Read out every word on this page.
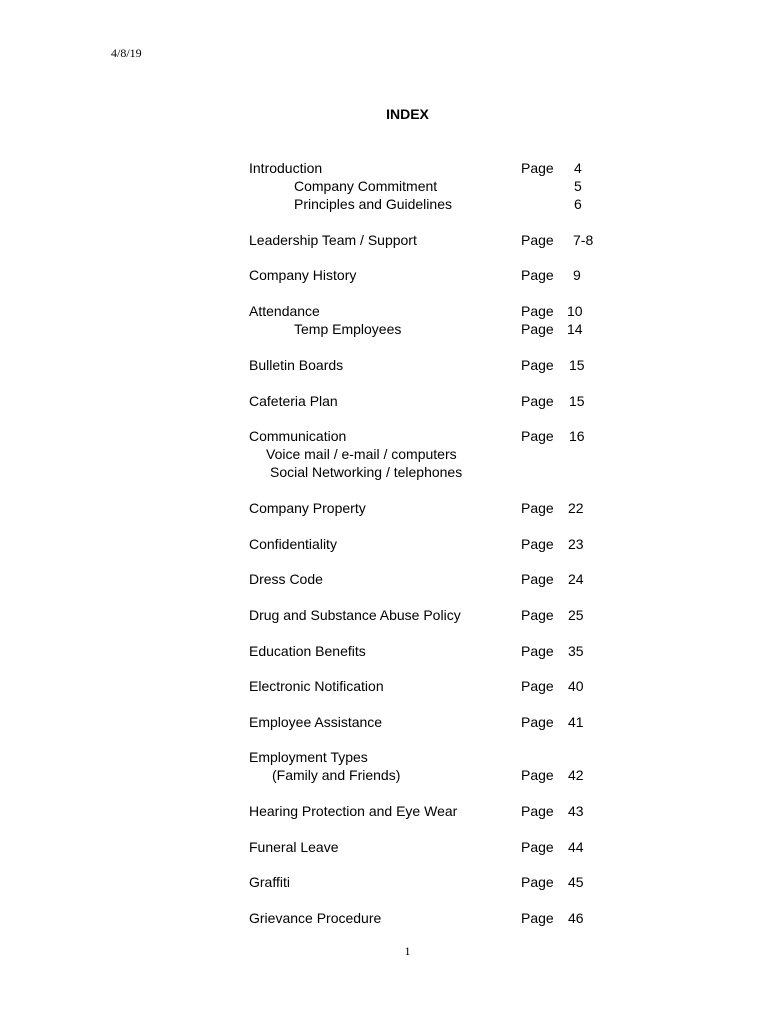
4/8/19
INDEX
Introduction	Page 4
Company Commitment	5
Principles and Guidelines	6
Leadership Team / Support	Page 7-8
Company History	Page 9
Attendance	Page 10
Temp Employees	Page 14
Bulletin Boards	Page 15
Cafeteria Plan	Page 15
Communication	Page 16
Voice mail / e-mail / computers
Social Networking / telephones
Company Property	Page 22
Confidentiality	Page 23
Dress Code	Page 24
Drug and Substance Abuse Policy	Page 25
Education Benefits	Page 35
Electronic Notification	Page 40
Employee Assistance	Page 41
Employment Types
(Family and Friends)	Page 42
Hearing Protection and Eye Wear	Page 43
Funeral Leave	Page 44
Graffiti	Page 45
Grievance Procedure	Page 46
1
